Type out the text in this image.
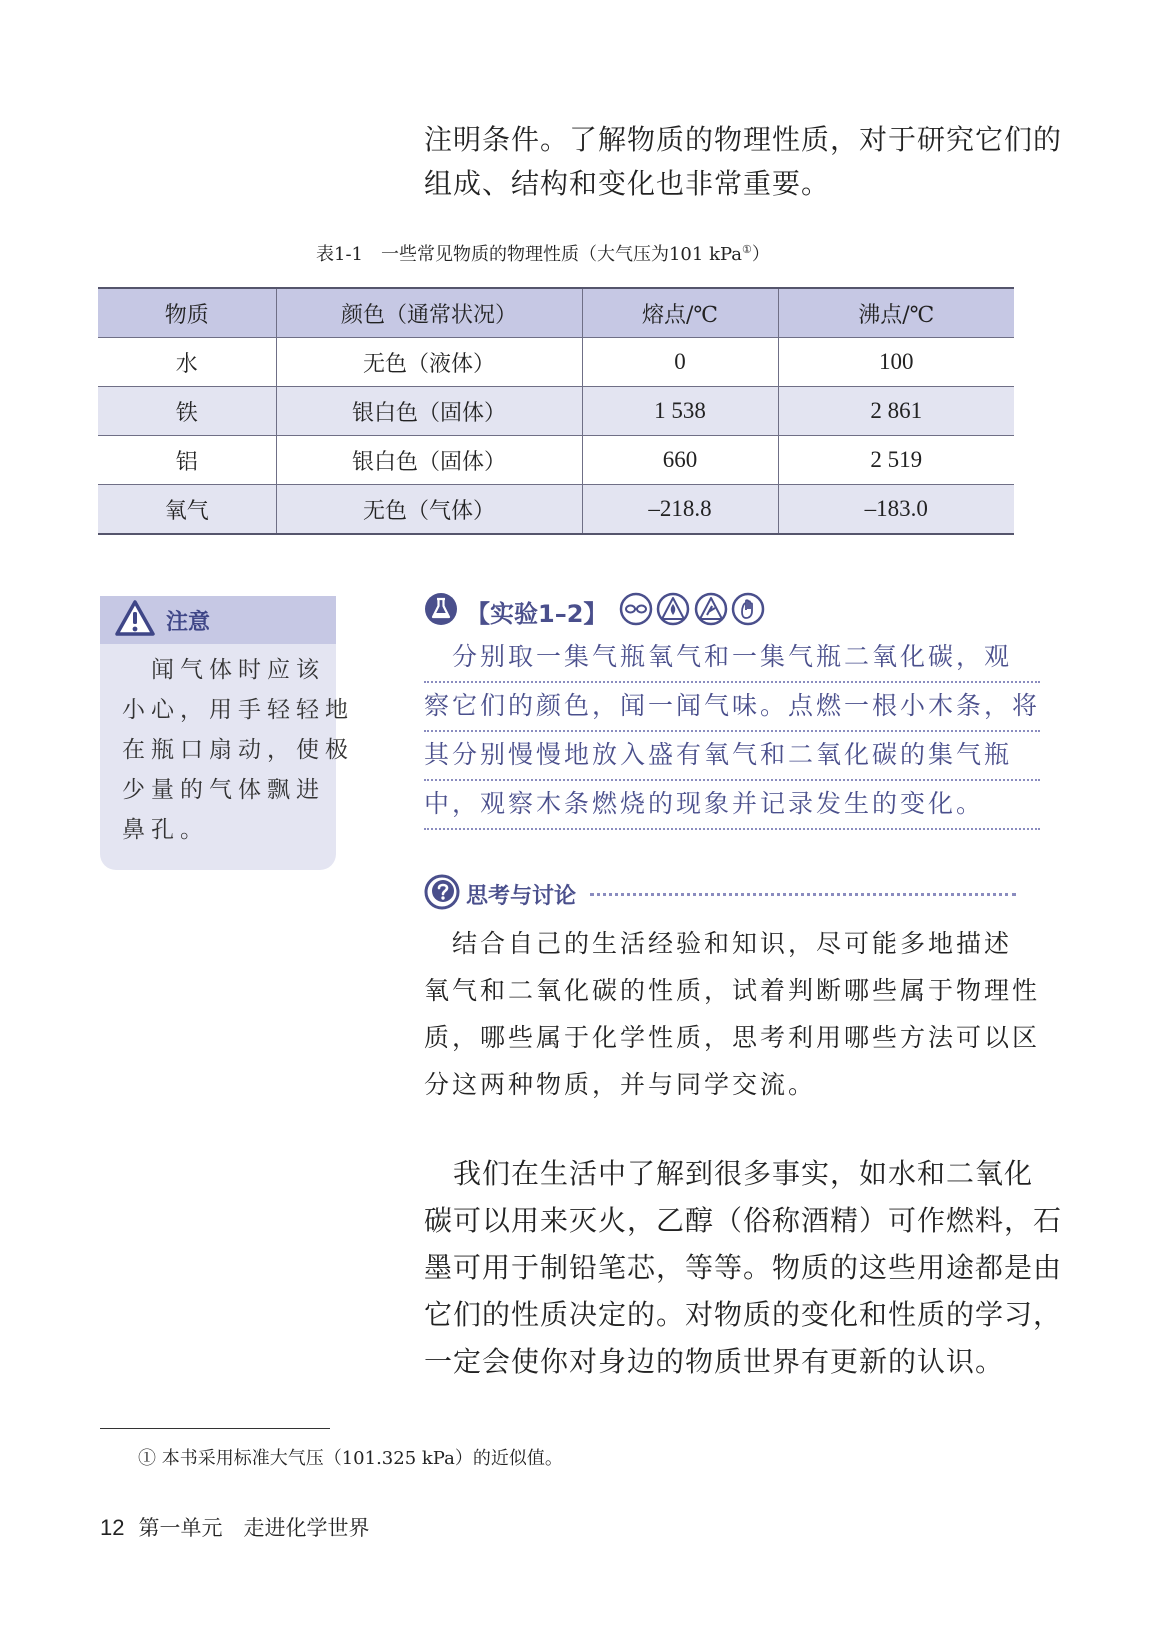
注明条件。了解物质的物理性质，对于研究它们的
组成、结构和变化也非常重要。
表1-1　一些常见物质的物理性质（大气压为101 kPa①）
物质	颜色（通常状况）	熔点/℃	沸点/℃
水	无色（液体）	0	100
铁	银白色（固体）	1 538	2 861
铝	银白色（固体）	660	2 519
氧气	无色（气体）	–218.8	–183.0
注意
　闻气体时应该
小心，用手轻轻地
在瓶口扇动，使极
少量的气体飘进
鼻孔。
【实验1–2】
　分别取一集气瓶氧气和一集气瓶二氧化碳，观
察它们的颜色，闻一闻气味。点燃一根小木条，将
其分别慢慢地放入盛有氧气和二氧化碳的集气瓶
中，观察木条燃烧的现象并记录发生的变化。
思考与讨论
　结合自己的生活经验和知识，尽可能多地描述
氧气和二氧化碳的性质，试着判断哪些属于物理性
质，哪些属于化学性质，思考利用哪些方法可以区
分这两种物质，并与同学交流。
　我们在生活中了解到很多事实，如水和二氧化
碳可以用来灭火，乙醇（俗称酒精）可作燃料，石
墨可用于制铅笔芯，等等。物质的这些用途都是由
它们的性质决定的。对物质的变化和性质的学习，
一定会使你对身边的物质世界有更新的认识。
① 本书采用标准大气压（101.325 kPa）的近似值。
12 第一单元　走进化学世界
